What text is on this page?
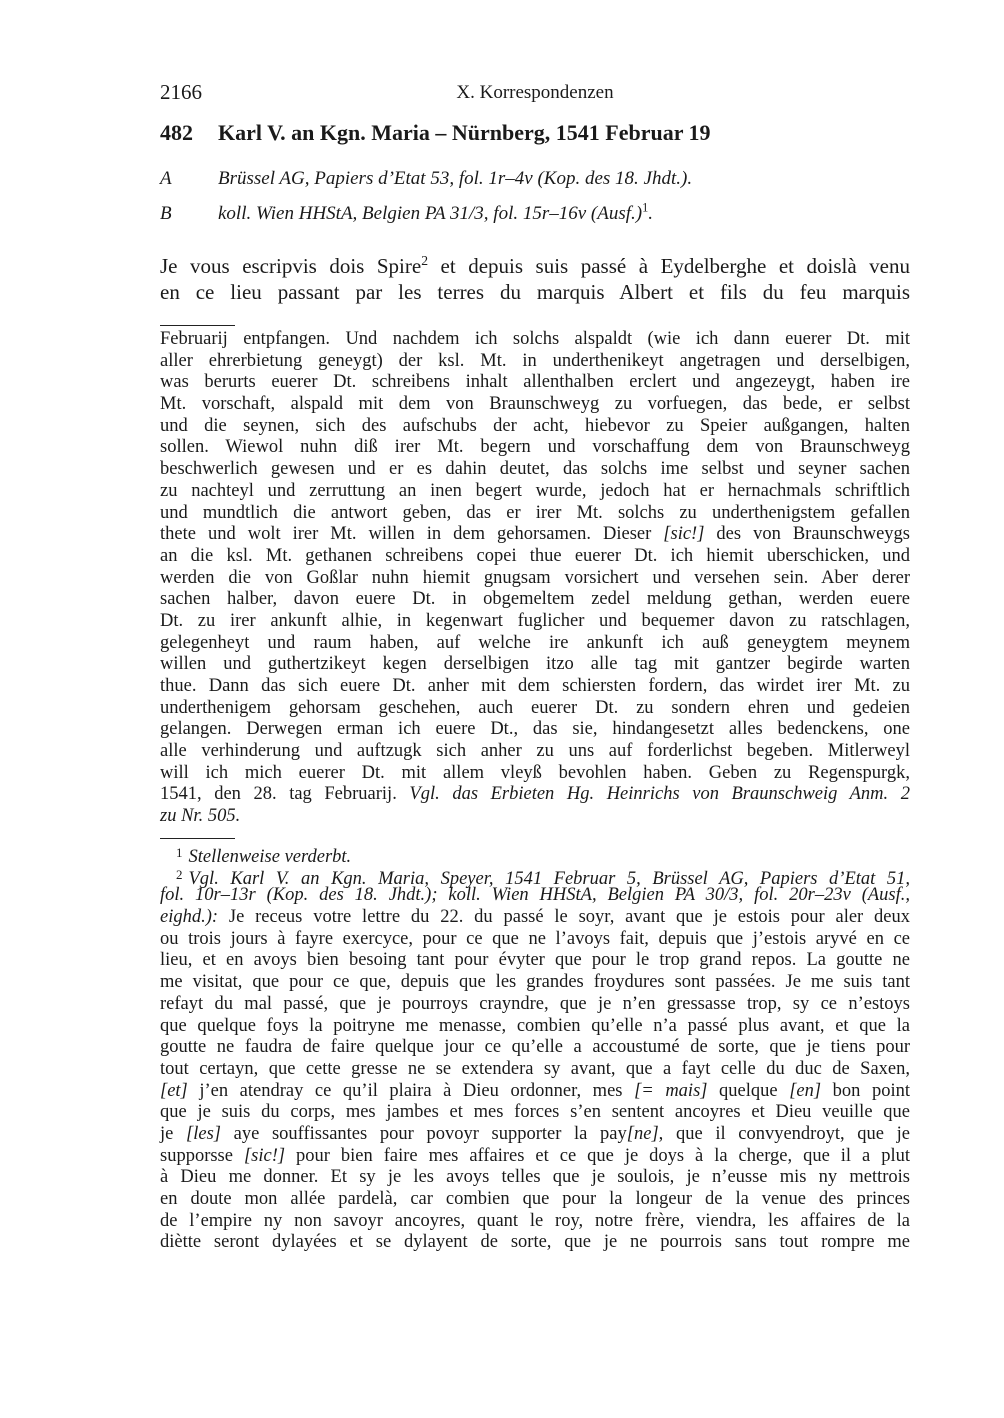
2166	X. Korrespondenzen
482 Karl V. an Kgn. Maria – Nürnberg, 1541 Februar 19
A Brüssel AG, Papiers d’Etat 53, fol. 1r–4v (Kop. des 18. Jhdt.).
B koll. Wien HHStA, Belgien PA 31/3, fol. 15r–16v (Ausf.)$^1$.
Je vous escripvis dois Spire$^2$ et depuis suis passé à Eydelberghe et doislà venu
en ce lieu passant par les terres du marquis Albert et fils du feu marquis
Februarij entpfangen. Und nachdem ich solchs alspaldt (wie ich dann euerer Dt. mit
aller ehrerbietung geneygt) der ksl. Mt. in underthenikeyt angetragen und derselbigen,
was berurts euerer Dt. schreibens inhalt allenthalben erclert und angezeygt, haben ire
Mt. vorschaft, alspald mit dem von Braunschweyg zu vorfuegen, das bede, er selbst
und die seynen, sich des aufschubs der acht, hiebevor zu Speier außgangen, halten
sollen. Wiewol nuhn diß irer Mt. begern und vorschaffung dem von Braunschweyg
beschwerlich gewesen und er es dahin deutet, das solchs ime selbst und seyner sachen
zu nachteyl und zerruttung an inen begert wurde, jedoch hat er hernachmals schriftlich
und mundtlich die antwort geben, das er irer Mt. solchs zu underthenigstem gefallen
thete und wolt irer Mt. willen in dem gehorsamen. Dieser [sic!] des von Braunschweygs
an die ksl. Mt. gethanen schreibens copei thue euerer Dt. ich hiemit uberschicken, und
werden die von Goßlar nuhn hiemit gnugsam vorsichert und versehen sein. Aber derer
sachen halber, davon euere Dt. in obgemeltem zedel meldung gethan, werden euere
Dt. zu irer ankunft alhie, in kegenwart fuglicher und bequemer davon zu ratschlagen,
gelegenheyt und raum haben, auf welche ire ankunft ich auß geneygtem meynem
willen und guthertzikeyt kegen derselbigen itzo alle tag mit gantzer begirde warten
thue. Dann das sich euere Dt. anher mit dem schiersten fordern, das wirdet irer Mt. zu
underthenigem gehorsam geschehen, auch euerer Dt. zu sondern ehren und gedeien
gelangen. Derwegen erman ich euere Dt., das sie, hindangesetzt alles bedenckens, one
alle verhinderung und auftzugk sich anher zu uns auf forderlichst begeben. Mitlerweyl
will ich mich euerer Dt. mit allem vleyß bevohlen haben. Geben zu Regenspurgk,
1541, den 28. tag Februarij. Vgl. das Erbieten Hg. Heinrichs von Braunschweig Anm. 2
zu Nr. 505.
1 Stellenweise verderbt.
2 Vgl. Karl V. an Kgn. Maria, Speyer, 1541 Februar 5, Brüssel AG, Papiers d’Etat 51,
fol. 10r–13r (Kop. des 18. Jhdt.); koll. Wien HHStA, Belgien PA 30/3, fol. 20r–23v (Ausf.,
eighd.): Je receus votre lettre du 22. du passé le soyr, avant que je estois pour aler deux
ou trois jours à fayre exercyce, pour ce que ne l’avoys fait, depuis que j’estois aryvé en ce
lieu, et en avoys bien besoing tant pour évyter que pour le trop grand repos. La goutte ne
me visitat, que pour ce que, depuis que les grandes froydures sont passées. Je me suis tant
refayt du mal passé, que je pourroys crayndre, que je n’en gressasse trop, sy ce n’estoys
que quelque foys la poitryne me menasse, combien qu’elle n’a passé plus avant, et que la
goutte ne faudra de faire quelque jour ce qu’elle a accoustumé de sorte, que je tiens pour
tout certayn, que cette gresse ne se extendera sy avant, que a fayt celle du duc de Saxen,
[et] j’en atendray ce qu’il plaira à Dieu ordonner, mes [= mais] quelque [en] bon point
que je suis du corps, mes jambes et mes forces s’en sentent ancoyres et Dieu veuille que
je [les] aye souffissantes pour povoyr supporter la pay[ne], que il convyendroyt, que je
supporsse [sic!] pour bien faire mes affaires et ce que je doys à la cherge, que il a plut
à Dieu me donner. Et sy je les avoys telles que je soulois, je n’eusse mis ny mettrois
en doute mon allée pardelà, car combien que pour la longeur de la venue des princes
de l’empire ny non savoyr ancoyres, quant le roy, notre frère, viendra, les affaires de la
diètte seront dylayées et se dylayent de sorte, que je ne pourrois sans tout rompre me
